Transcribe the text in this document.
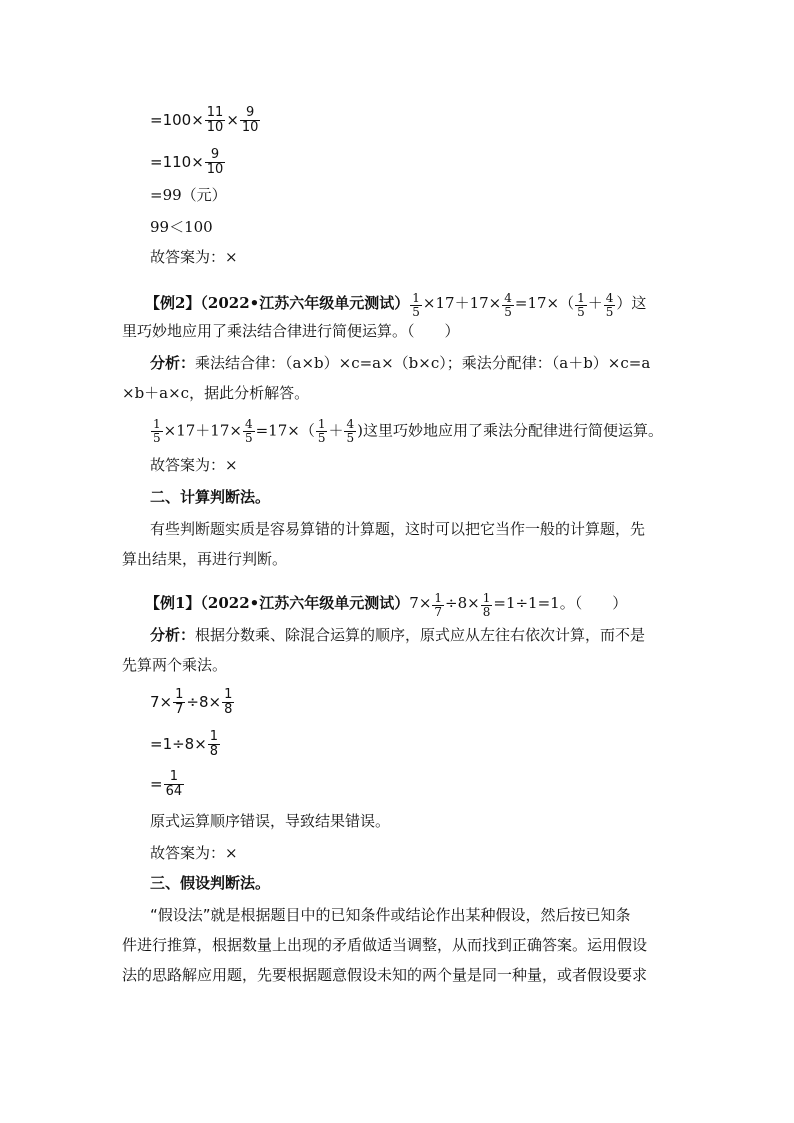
$=100\times \frac{11}{10} \times \frac{9}{10}$
$=110\times \frac{9}{10}$
=99（元）
99＜100
故答案为：×
【例2】（2022•江苏六年级单元测试） $\frac{1}{5} \times 17+17\times \frac{4}{5} =17\times( \frac{1}{5} + \frac{4}{5}$ ）这
里巧妙地应用了乘法结合律进行简便运算。（　　）
分析：乘法结合律：（a×b）×c=a×（b×c）；乘法分配律：（a＋b）×c=a
×b＋a×c，据此分析解答。
$\frac{1}{5} \times 17+17\times \frac{4}{5} =17\times( \frac{1}{5} + \frac{4}{5}$ )这里巧妙地应用了乘法分配律进行简便运算。
故答案为：×
二、计算判断法。
有些判断题实质是容易算错的计算题，这时可以把它当作一般的计算题，先
算出结果，再进行判断。
【例1】（2022•江苏六年级单元测试）$7\times \frac{1}{7} \div 8\times \frac{1}{8} =1\div 1=1$。（　　）
分析：根据分数乘、除混合运算的顺序，原式应从左往右依次计算，而不是
先算两个乘法。
$7\times \frac{1}{7} \div 8\times \frac{1}{8}$
$=1\div 8\times \frac{1}{8}$
= $\frac{1}{64}$
原式运算顺序错误，导致结果错误。
故答案为：×
三、假设判断法。
“假设法”就是根据题目中的已知条件或结论作出某种假设，然后按已知条
件进行推算，根据数量上出现的矛盾做适当调整，从而找到正确答案。运用假设
法的思路解应用题，先要根据题意假设未知的两个量是同一种量，或者假设要求
